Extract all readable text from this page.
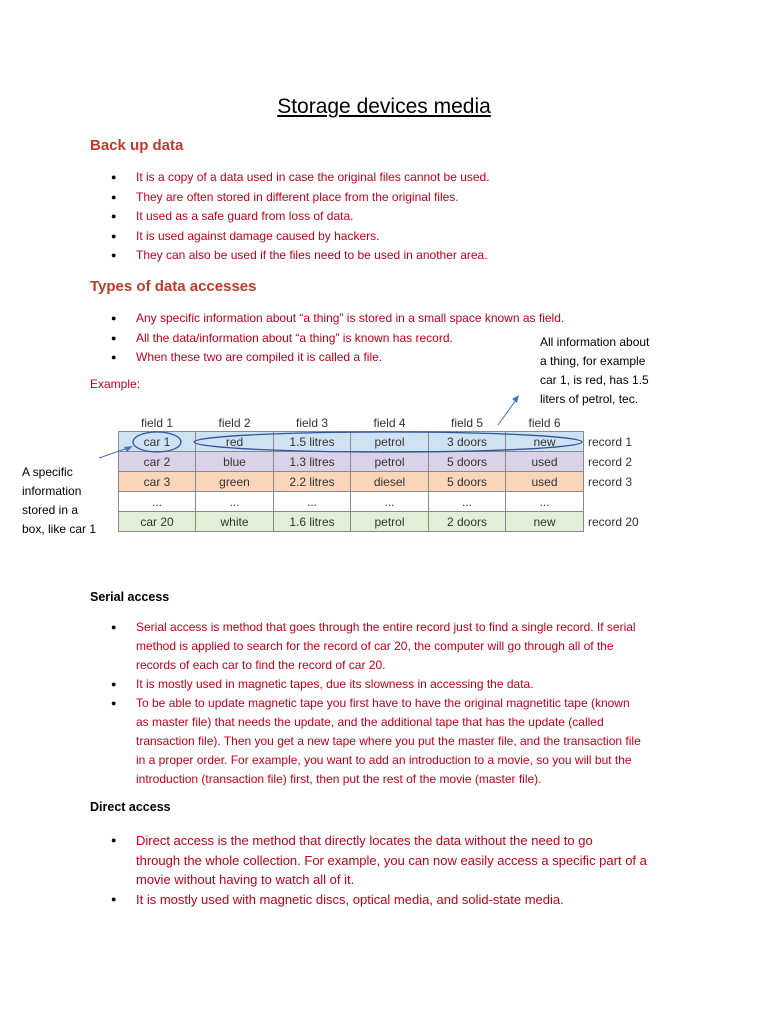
Storage devices media
Back up data
● It is a copy of a data used in case the original files cannot be used.
● They are often stored in different place from the original files.
● It used as a safe guard from loss of data.
● It is used against damage caused by hackers.
● They can also be used if the files need to be used in another area.
Types of data accesses
● Any specific information about “a thing” is stored in a small space known as field.
● All the data/information about “a thing” is known has record.
● When these two are compiled it is called a file.
Example:
All information about
a thing, for example
car 1, is red, has 1.5
liters of petrol, tec.
A specific
information
stored in a
box, like car 1
field 1	field 2	field 3	field 4	field 5	field 6	
car 1	red	1.5 litres	petrol	3 doors	new	record 1
car 2	blue	1.3 litres	petrol	5 doors	used	record 2
car 3	green	2.2 litres	diesel	5 doors	used	record 3
...	...	...	...	...	...	
car 20	white	1.6 litres	petrol	2 doors	new	record 20
Serial access
● Serial access is method that goes through the entire record just to find a single record. If serial
method is applied to search for the record of car 20, the computer will go through all of the
records of each car to find the record of car 20.
● It is mostly used in magnetic tapes, due its slowness in accessing the data.
● To be able to update magnetic tape you first have to have the original magnetitic tape (known
as master file) that needs the update, and the additional tape that has the update (called
transaction file). Then you get a new tape where you put the master file, and the transaction file
in a proper order. For example, you want to add an introduction to a movie, so you will but the
introduction (transaction file) first, then put the rest of the movie (master file).
Direct access
● Direct access is the method that directly locates the data without the need to go
through the whole collection. For example, you can now easily access a specific part of a
movie without having to watch all of it.
● It is mostly used with magnetic discs, optical media, and solid-state media.
